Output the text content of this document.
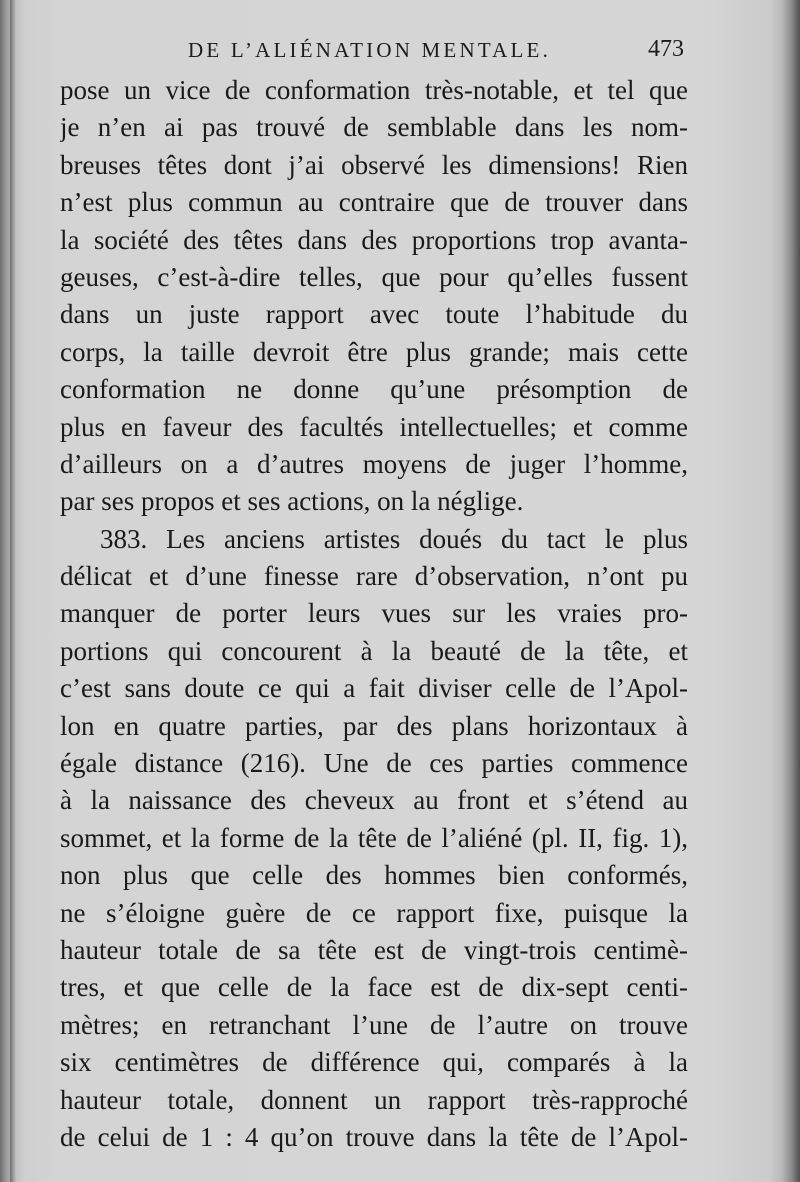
DE L’ALIÉNATION MENTALE.	473
pose un vice de conformation très-notable, et tel que
je n’en ai pas trouvé de semblable dans les nom-
breuses têtes dont j’ai observé les dimensions! Rien
n’est plus commun au contraire que de trouver dans
la société des têtes dans des proportions trop avanta-
geuses, c’est-à-dire telles, que pour qu’elles fussent
dans un juste rapport avec toute l’habitude du
corps, la taille devroit être plus grande; mais cette
conformation ne donne qu’une présomption de
plus en faveur des facultés intellectuelles; et comme
d’ailleurs on a d’autres moyens de juger l’homme,
par ses propos et ses actions, on la néglige.
383. Les anciens artistes doués du tact le plus
délicat et d’une finesse rare d’observation, n’ont pu
manquer de porter leurs vues sur les vraies pro-
portions qui concourent à la beauté de la tête, et
c’est sans doute ce qui a fait diviser celle de l’Apol-
lon en quatre parties, par des plans horizontaux à
égale distance (216). Une de ces parties commence
à la naissance des cheveux au front et s’étend au
sommet, et la forme de la tête de l’aliéné (pl. II, fig. 1),
non plus que celle des hommes bien conformés,
ne s’éloigne guère de ce rapport fixe, puisque la
hauteur totale de sa tête est de vingt-trois centimè-
tres, et que celle de la face est de dix-sept centi-
mètres; en retranchant l’une de l’autre on trouve
six centimètres de différence qui, comparés à la
hauteur totale, donnent un rapport très-rapproché
de celui de 1 : 4 qu’on trouve dans la tête de l’Apol-
